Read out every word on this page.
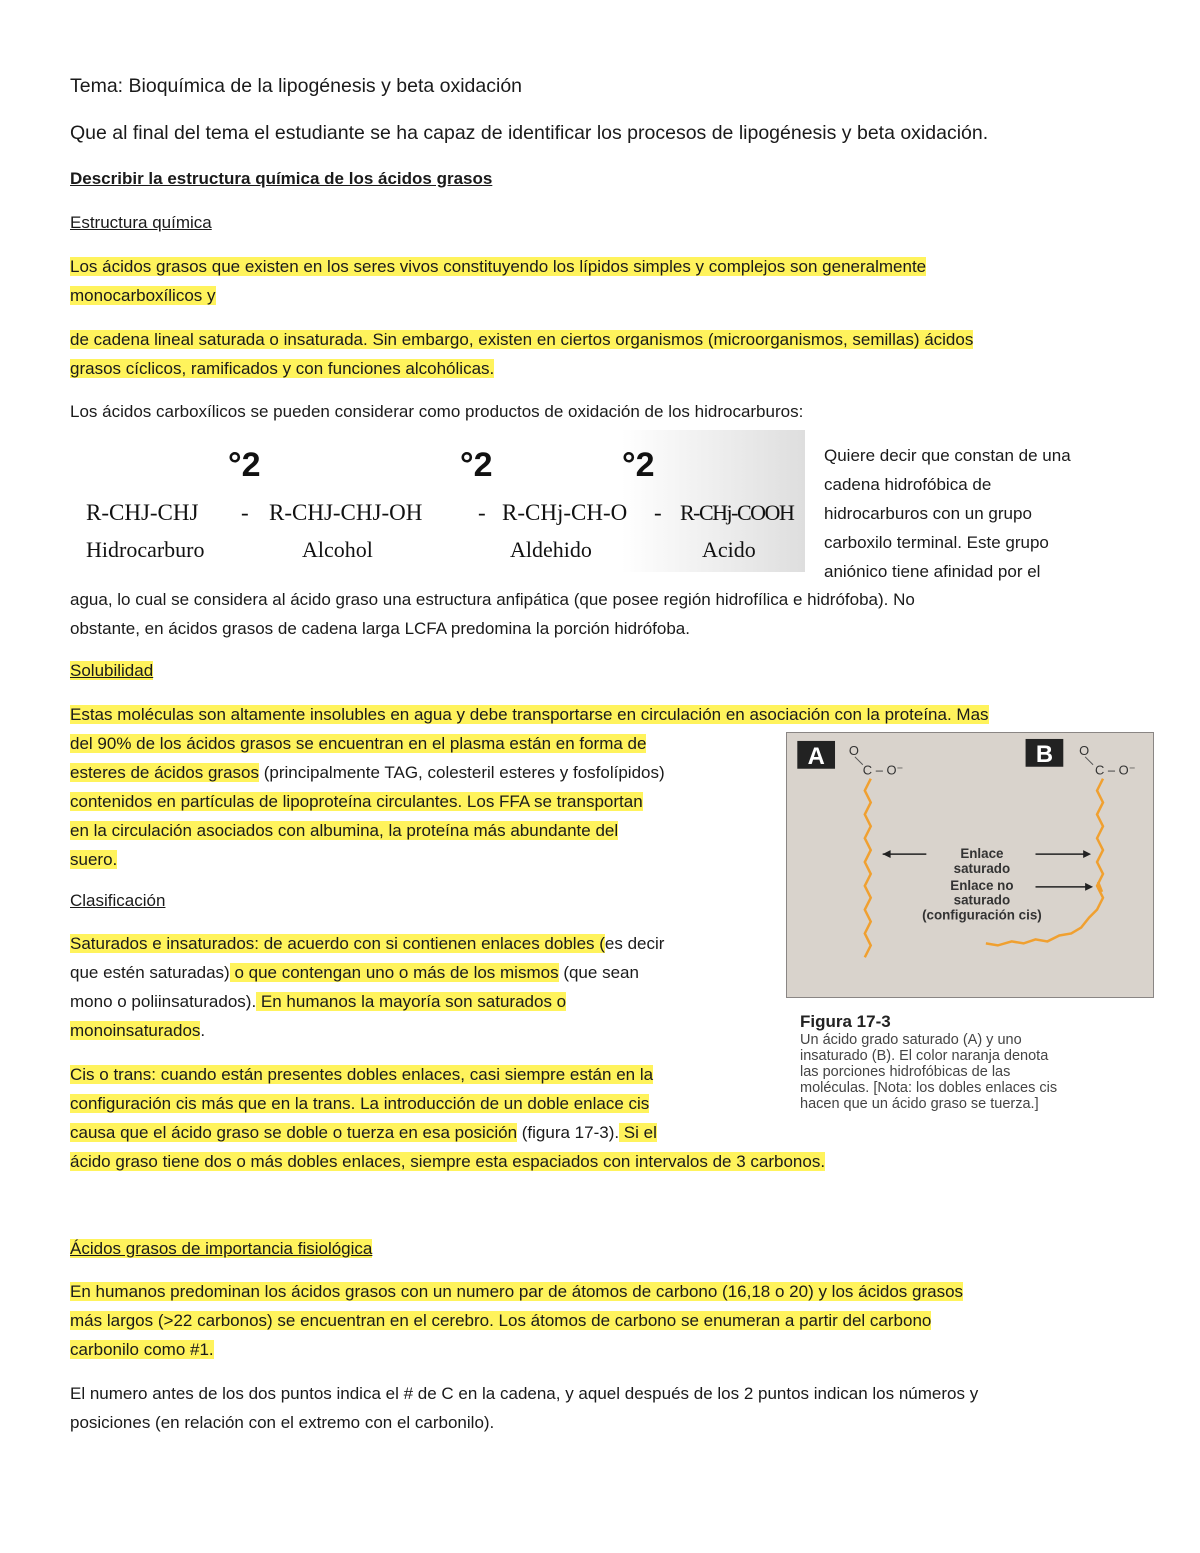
Tema: Bioquímica de la lipogénesis y beta oxidación

Que al final del tema el estudiante se ha capaz de identificar los procesos de lipogénesis y beta oxidación.

Describir la estructura química de los ácidos grasos

Estructura química

Los ácidos grasos que existen en los seres vivos constituyendo los lípidos simples y complejos son generalmente
monocarboxílicos y

de cadena lineal saturada o insaturada. Sin embargo, existen en ciertos organismos (microorganismos, semillas) ácidos
grasos cíclicos, ramificados y con funciones alcohólicas.

Los ácidos carboxílicos se pueden considerar como productos de oxidación de los hidrocarburos:

°2	°2	°2
R-CHJ-CHJ - R-CHJ-CHJ-OH - R-CHj-CH-O - R-CHj-COOH
Hidrocarburo	Alcohol	Aldehido	Acido

Quiere decir que constan de una
cadena hidrofóbica de
hidrocarburos con un grupo
carboxilo terminal. Este grupo
aniónico tiene afinidad por el

agua, lo cual se considera al ácido graso una estructura anfipática (que posee región hidrofílica e hidrófoba). No
obstante, en ácidos grasos de cadena larga LCFA predomina la porción hidrófoba.

Solubilidad

Estas moléculas son altamente insolubles en agua y debe transportarse en circulación en asociación con la proteína. Mas
del 90% de los ácidos grasos se encuentran en el plasma están en forma de
esteres de ácidos grasos (principalmente TAG, colesteril esteres y fosfolípidos)
contenidos en partículas de lipoproteína circulantes. Los FFA se transportan
en la circulación asociados con albumina, la proteína más abundante del
suero.

Clasificación

Saturados e insaturados: de acuerdo con si contienen enlaces dobles (es decir
que estén saturadas) o que contengan uno o más de los mismos (que sean
mono o poliinsaturados). En humanos la mayoría son saturados o
monoinsaturados.

Cis o trans: cuando están presentes dobles enlaces, casi siempre están en la
configuración cis más que en la trans. La introducción de un doble enlace cis
causa que el ácido graso se doble o tuerza en esa posición (figura 17-3). Si el
ácido graso tiene dos o más dobles enlaces, siempre esta espaciados con intervalos de 3 carbonos.

A	B
O
C – O⁻
O
C – O⁻
Enlace
saturado
Enlace no
saturado
(configuración cis)
Figura 17-3
Un ácido grado saturado (A) y uno
insaturado (B). El color naranja denota
las porciones hidrofóbicas de las
moléculas. [Nota: los dobles enlaces cis
hacen que un ácido graso se tuerza.]

Ácidos grasos de importancia fisiológica

En humanos predominan los ácidos grasos con un numero par de átomos de carbono (16,18 o 20) y los ácidos grasos
más largos (>22 carbonos) se encuentran en el cerebro. Los átomos de carbono se enumeran a partir del carbono
carbonilo como #1.

El numero antes de los dos puntos indica el # de C en la cadena, y aquel después de los 2 puntos indican los números y
posiciones (en relación con el extremo con el carbonilo).
